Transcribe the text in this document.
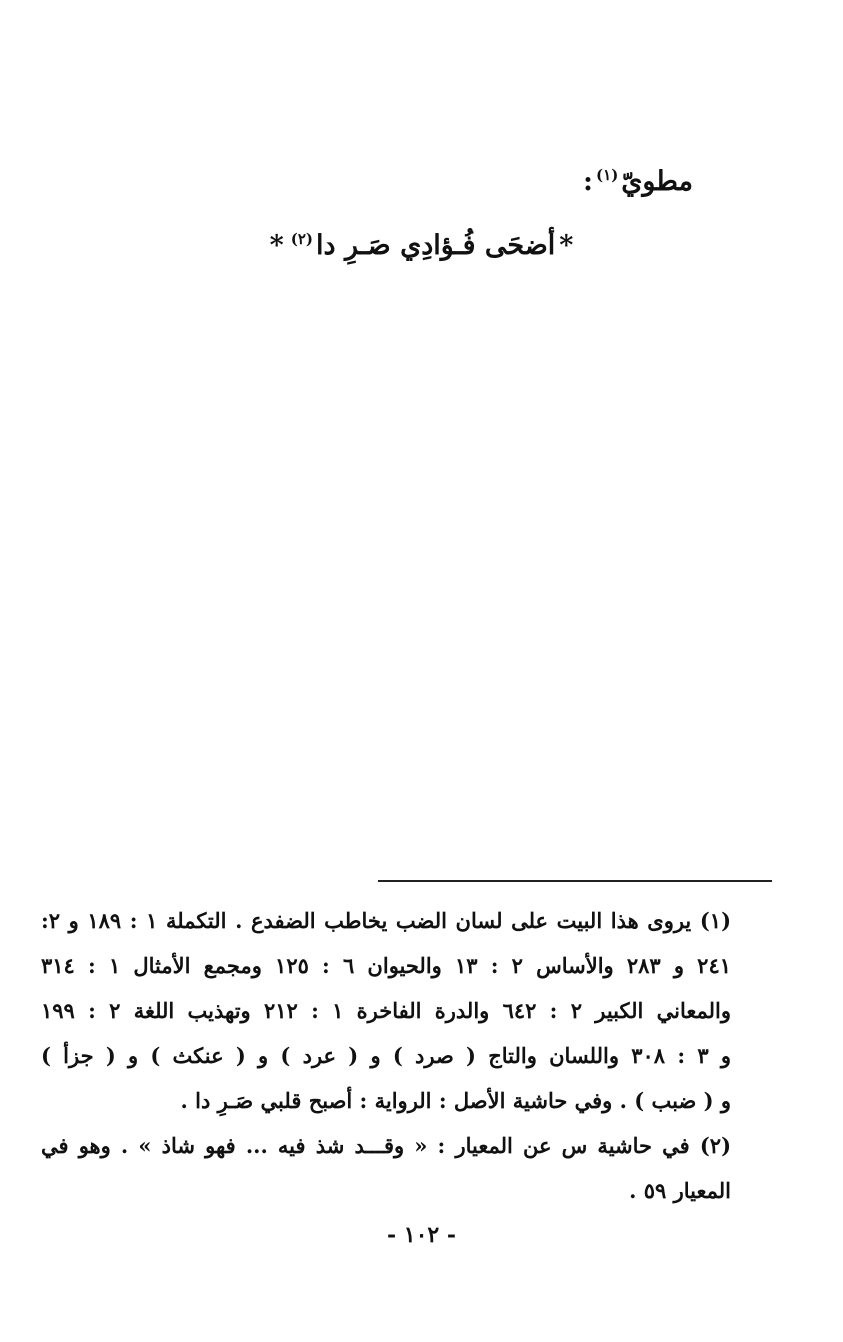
مطويّ$^{(١)}$:
*أضحَى فُـؤادِي صَـرِ دا(٢)*
(١) يروى هذا البيت على لسان الضب يخاطب الضفدع . التكملة ١ : ١٨٩ و ٢:
٢٤١ و ٢٨٣ والأساس ٢ : ١٣ والحيوان ٦ : ١٢٥ ومجمع الأمثال ١ : ٣١٤
والمعاني الكبير ٢ : ٦٤٢ والدرة الفاخرة ١ : ٢١٢ وتهذيب اللغة ٢ : ١٩٩
و ٣ : ٣٠٨ واللسان والتاج ( صرد ) و ( عرد ) و ( عنكث ) و ( جزأ )
و ( ضبب ) . وفي حاشية الأصل : الرواية : أصبح قلبي صَـرِ دا .
(٢) في حاشية س عن المعيار : « وقـــد شذ فيه ... فهو شاذ » . وهو في
المعيار ٥٩ .
- ١٠٢ -
